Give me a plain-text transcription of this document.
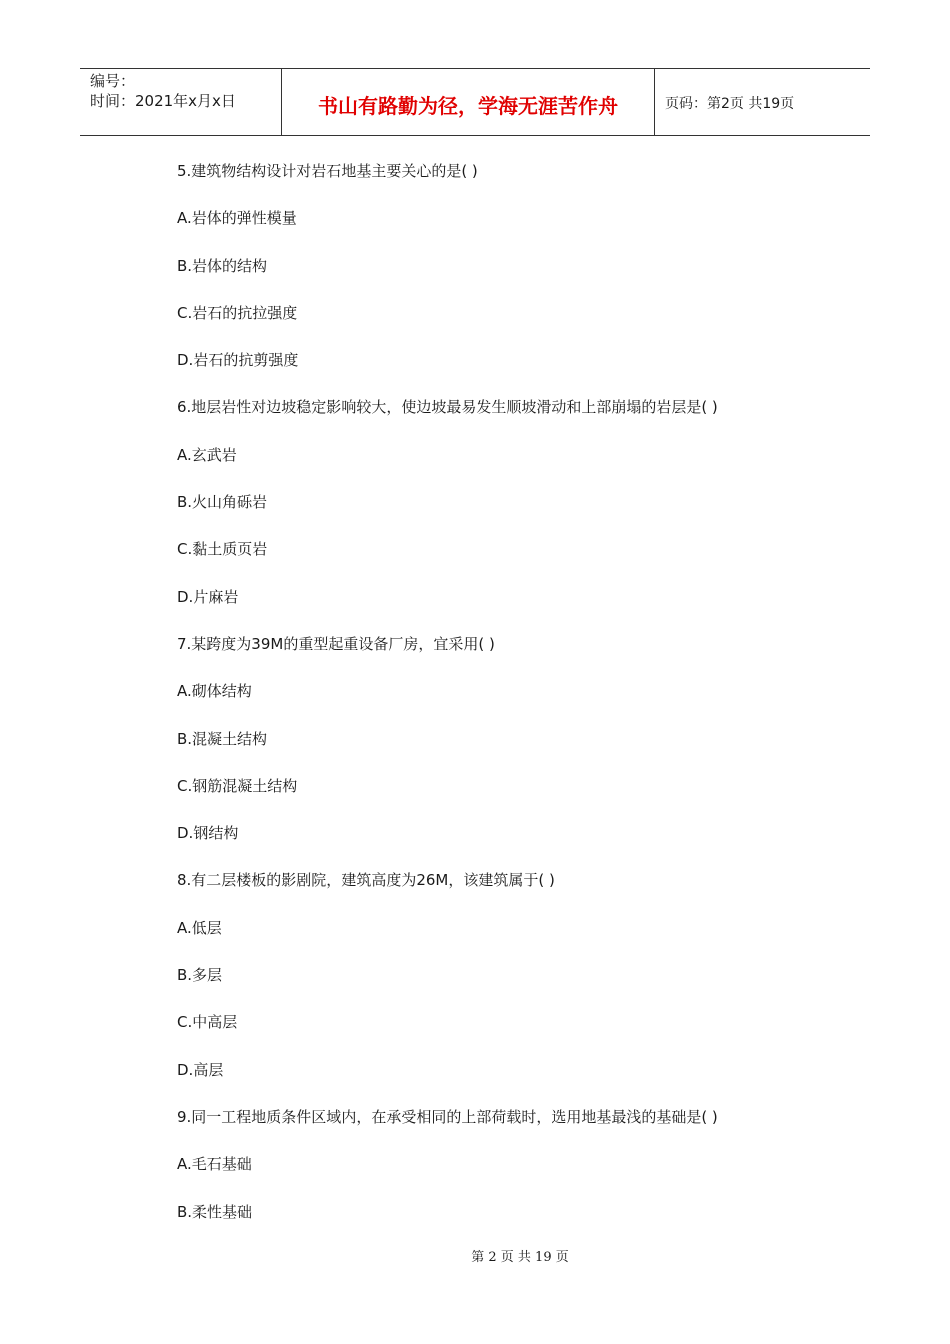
编号：
时间：2021年x月x日	书山有路勤为径，学海无涯苦作舟	页码：第2页 共19页
5.建筑物结构设计对岩石地基主要关心的是( )
A.岩体的弹性模量
B.岩体的结构
C.岩石的抗拉强度
D.岩石的抗剪强度
6.地层岩性对边坡稳定影响较大，使边坡最易发生顺坡滑动和上部崩塌的岩层是( )
A.玄武岩
B.火山角砾岩
C.黏土质页岩
D.片麻岩
7.某跨度为39M的重型起重设备厂房，宜采用( )
A.砌体结构
B.混凝土结构
C.钢筋混凝土结构
D.钢结构
8.有二层楼板的影剧院，建筑高度为26M，该建筑属于( )
A.低层
B.多层
C.中高层
D.高层
9.同一工程地质条件区域内，在承受相同的上部荷载时，选用地基最浅的基础是( )
A.毛石基础
B.柔性基础
第 2 页 共 19 页
